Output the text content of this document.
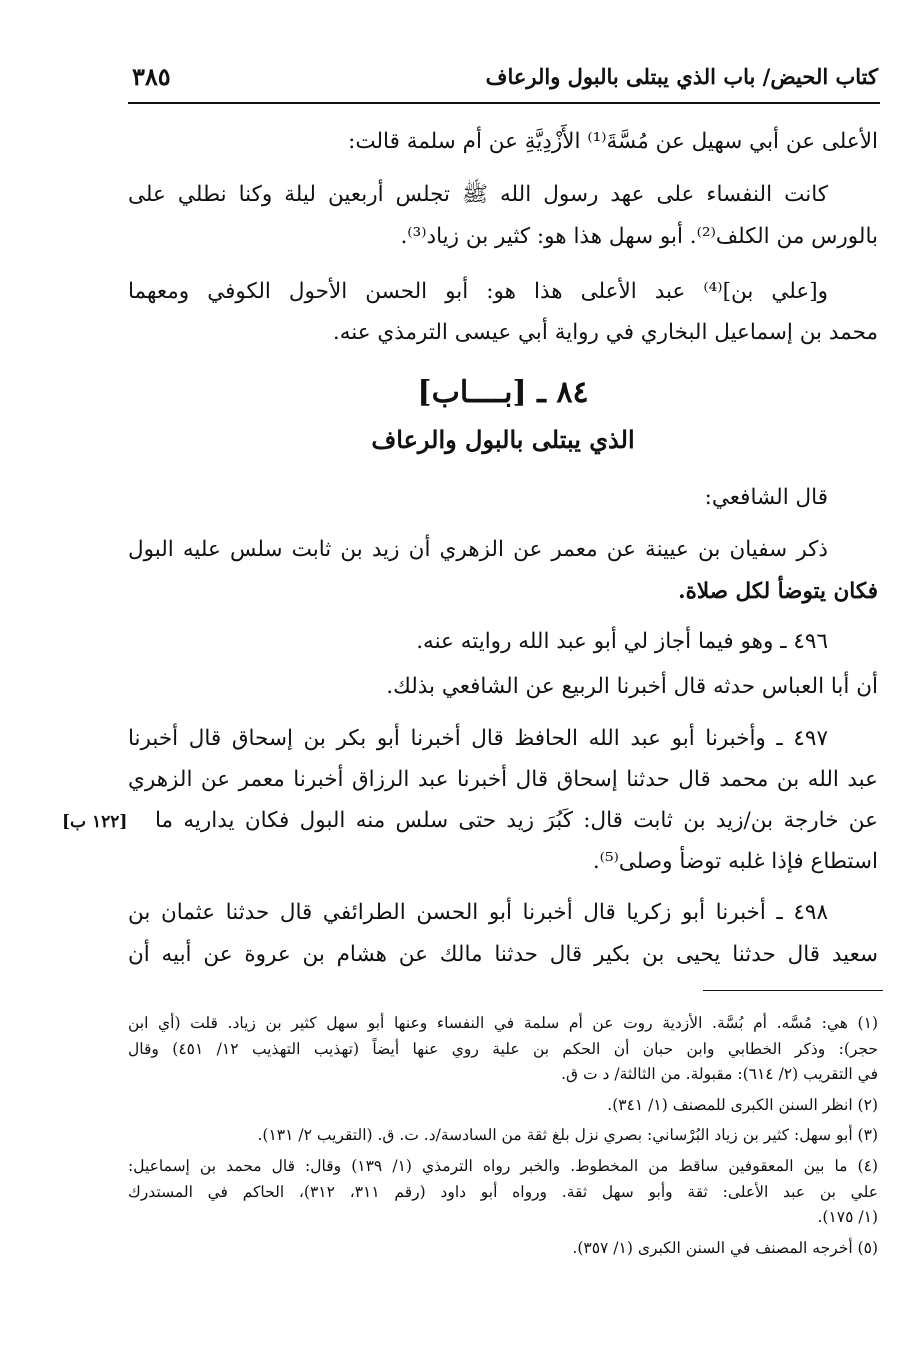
كتاب الحيض/ باب الذي يبتلى بالبول والرعاف
٣٨٥
الأعلى عن أبي سهيل عن مُسَّةَ⁽¹⁾ الأَزْدِيَّةِ عن أم سلمة قالت:
كانت النفساء على عهد رسول الله ﷺ تجلس أربعين ليلة وكنا نطلي على
بالورس من الكلف⁽²⁾. أبو سهل هذا هو: كثير بن زياد⁽³⁾.
و[علي بن]⁽⁴⁾ عبد الأعلى هذا هو: أبو الحسن الأحول الكوفي ومعهما
محمد بن إسماعيل البخاري في رواية أبي عيسى الترمذي عنه.
٨٤ ـ [بــــاب]
الذي يبتلى بالبول والرعاف
قال الشافعي:
ذكر سفيان بن عيينة عن معمر عن الزهري أن زيد بن ثابت سلس عليه البول
فكان يتوضأ لكل صلاة.
٤٩٦ ـ وهو فيما أجاز لي أبو عبد الله روايته عنه.
أن أبا العباس حدثه قال أخبرنا الربيع عن الشافعي بذلك.
٤٩٧ ـ وأخبرنا أبو عبد الله الحافظ قال أخبرنا أبو بكر بن إسحاق قال أخبرنا
عبد الله بن محمد قال حدثنا إسحاق قال أخبرنا عبد الرزاق أخبرنا معمر عن الزهري
عن خارجة بن/زيد بن ثابت قال: كَبُرَ زيد حتى سلس منه البول فكان يداريه ما
[١٢٢ ب]
استطاع فإذا غلبه توضأ وصلى⁽⁵⁾.
٤٩٨ ـ أخبرنا أبو زكريا قال أخبرنا أبو الحسن الطرائفي قال حدثنا عثمان بن
سعيد قال حدثنا يحيى بن بكير قال حدثنا مالك عن هشام بن عروة عن أبيه أن
(١) هي: مُسَّه. أم بُسَّة. الأزدية روت عن أم سلمة في النفساء وعنها أبو سهل كثير بن زياد. قلت (أي ابن
حجر): وذكر الخطابي وابن حبان أن الحكم بن علية روي عنها أيضاً (تهذيب التهذيب ١٢/ ٤٥١) وقال
في التقريب (٢/ ٦١٤): مقبولة. من الثالثة/ د ت ق.
(٢) انظر السنن الكبرى للمصنف (١/ ٣٤١).
(٣) أبو سهل: كثير بن زياد البُرْساني: بصري نزل بلغ ثقة من السادسة/د. ت. ق. (التقريب ٢/ ١٣١).
(٤) ما بين المعقوفين ساقط من المخطوط. والخبر رواه الترمذي (١/ ١٣٩) وقال: قال محمد بن إسماعيل:
علي بن عبد الأعلى: ثقة وأبو سهل ثقة. ورواه أبو داود (رقم ٣١١، ٣١٢)، الحاكم في المستدرك
(١/ ١٧٥).
(٥) أخرجه المصنف في السنن الكبرى (١/ ٣٥٧).
